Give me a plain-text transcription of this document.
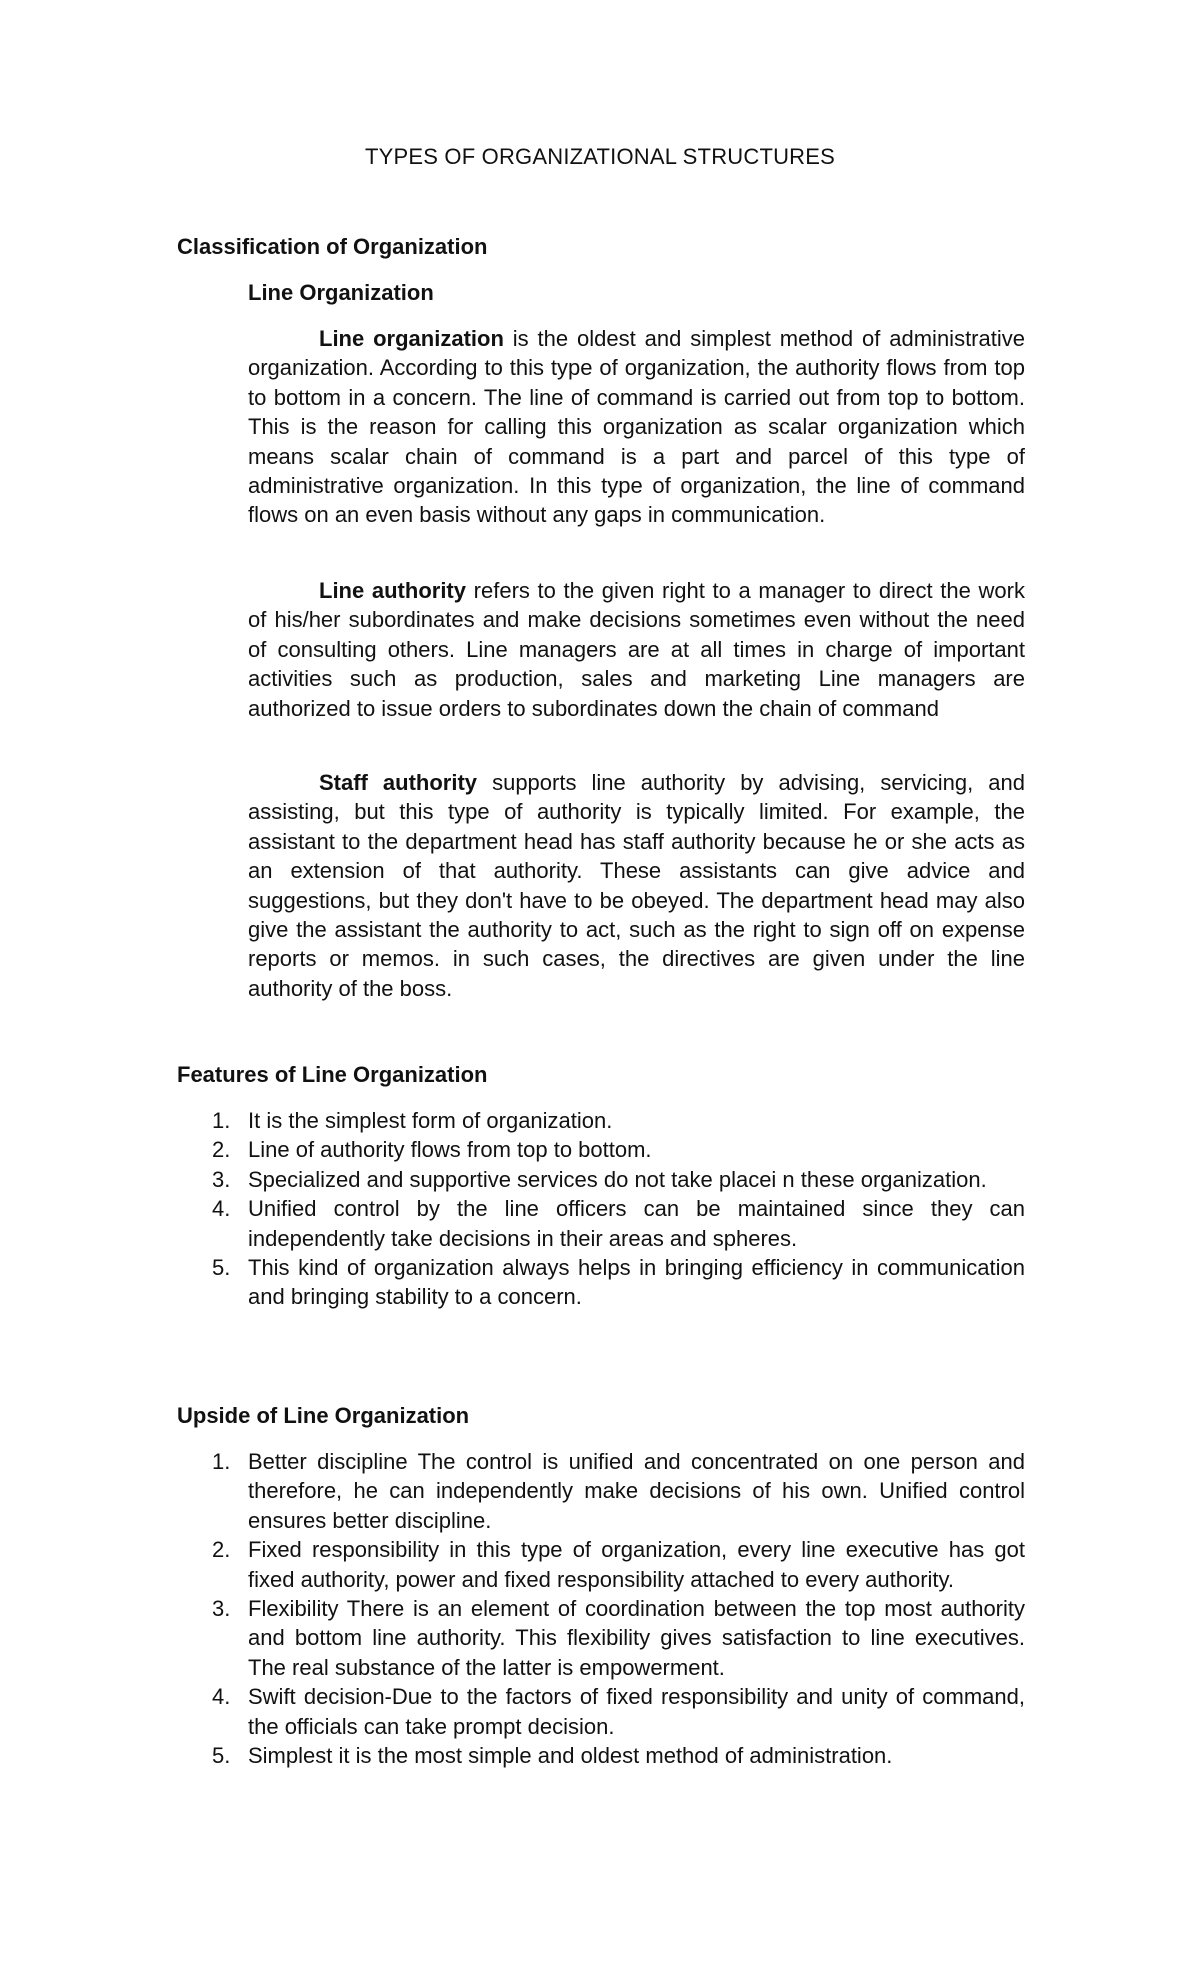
TYPES OF ORGANIZATIONAL STRUCTURES
Classification of Organization
Line Organization

Line organization is the oldest and simplest method of administrative organization. According to this type of organization, the authority flows from top to bottom in a concern. The line of command is carried out from top to bottom. This is the reason for calling this organization as scalar organization which means scalar chain of command is a part and parcel of this type of administrative organization. In this type of organization, the line of command flows on an even basis without any gaps in communication.

Line authority refers to the given right to a manager to direct the work of his/her subordinates and make decisions sometimes even without the need of consulting others. Line managers are at all times in charge of important activities such as production, sales and marketing Line managers are authorized to issue orders to subordinates down the chain of command

Staff authority supports line authority by advising, servicing, and assisting, but this type of authority is typically limited. For example, the assistant to the department head has staff authority because he or she acts as an extension of that authority. These assistants can give advice and suggestions, but they don't have to be obeyed. The department head may also give the assistant the authority to act, such as the right to sign off on expense reports or memos. in such cases, the directives are given under the line authority of the boss.

Features of Line Organization
1. It is the simplest form of organization.
2. Line of authority flows from top to bottom.
3. Specialized and supportive services do not take placei n these organization.
4. Unified control by the line officers can be maintained since they can independently take decisions in their areas and spheres.
5. This kind of organization always helps in bringing efficiency in communication and bringing stability to a concern.
Upside of Line Organization
1. Better discipline The control is unified and concentrated on one person and therefore, he can independently make decisions of his own. Unified control ensures better discipline.
2. Fixed responsibility in this type of organization, every line executive has got fixed authority, power and fixed responsibility attached to every authority.
3. Flexibility There is an element of coordination between the top most authority and bottom line authority. This flexibility gives satisfaction to line executives. The real substance of the latter is empowerment.
4. Swift decision-Due to the factors of fixed responsibility and unity of command, the officials can take prompt decision.
5. Simplest it is the most simple and oldest method of administration.
